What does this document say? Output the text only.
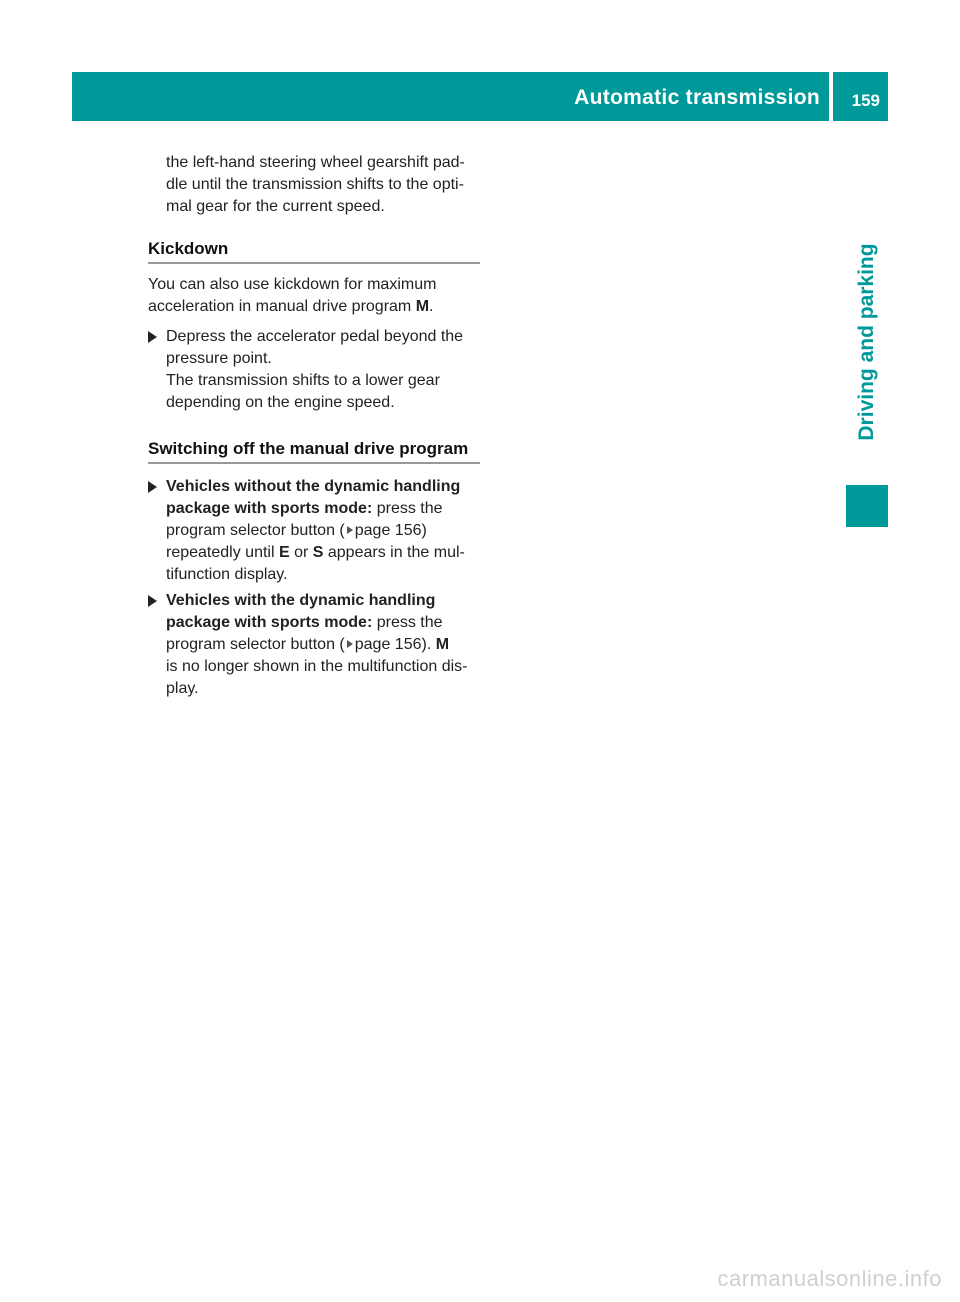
Automatic transmission 159
Driving and parking

the left-hand steering wheel gearshift pad-
dle until the transmission shifts to the opti-
mal gear for the current speed.

Kickdown

You can also use kickdown for maximum
acceleration in manual drive program M.

Depress the accelerator pedal beyond the
pressure point.
The transmission shifts to a lower gear
depending on the engine speed.
Switching off the manual drive program
Vehicles without the dynamic handling
package with sports mode: press the
program selector button ( page 156)
repeatedly until E or S appears in the mul-
tifunction display.
Vehicles with the dynamic handling
package with sports mode: press the
program selector button ( page 156). M
is no longer shown in the multifunction dis-
play.
carmanualsonline.info
